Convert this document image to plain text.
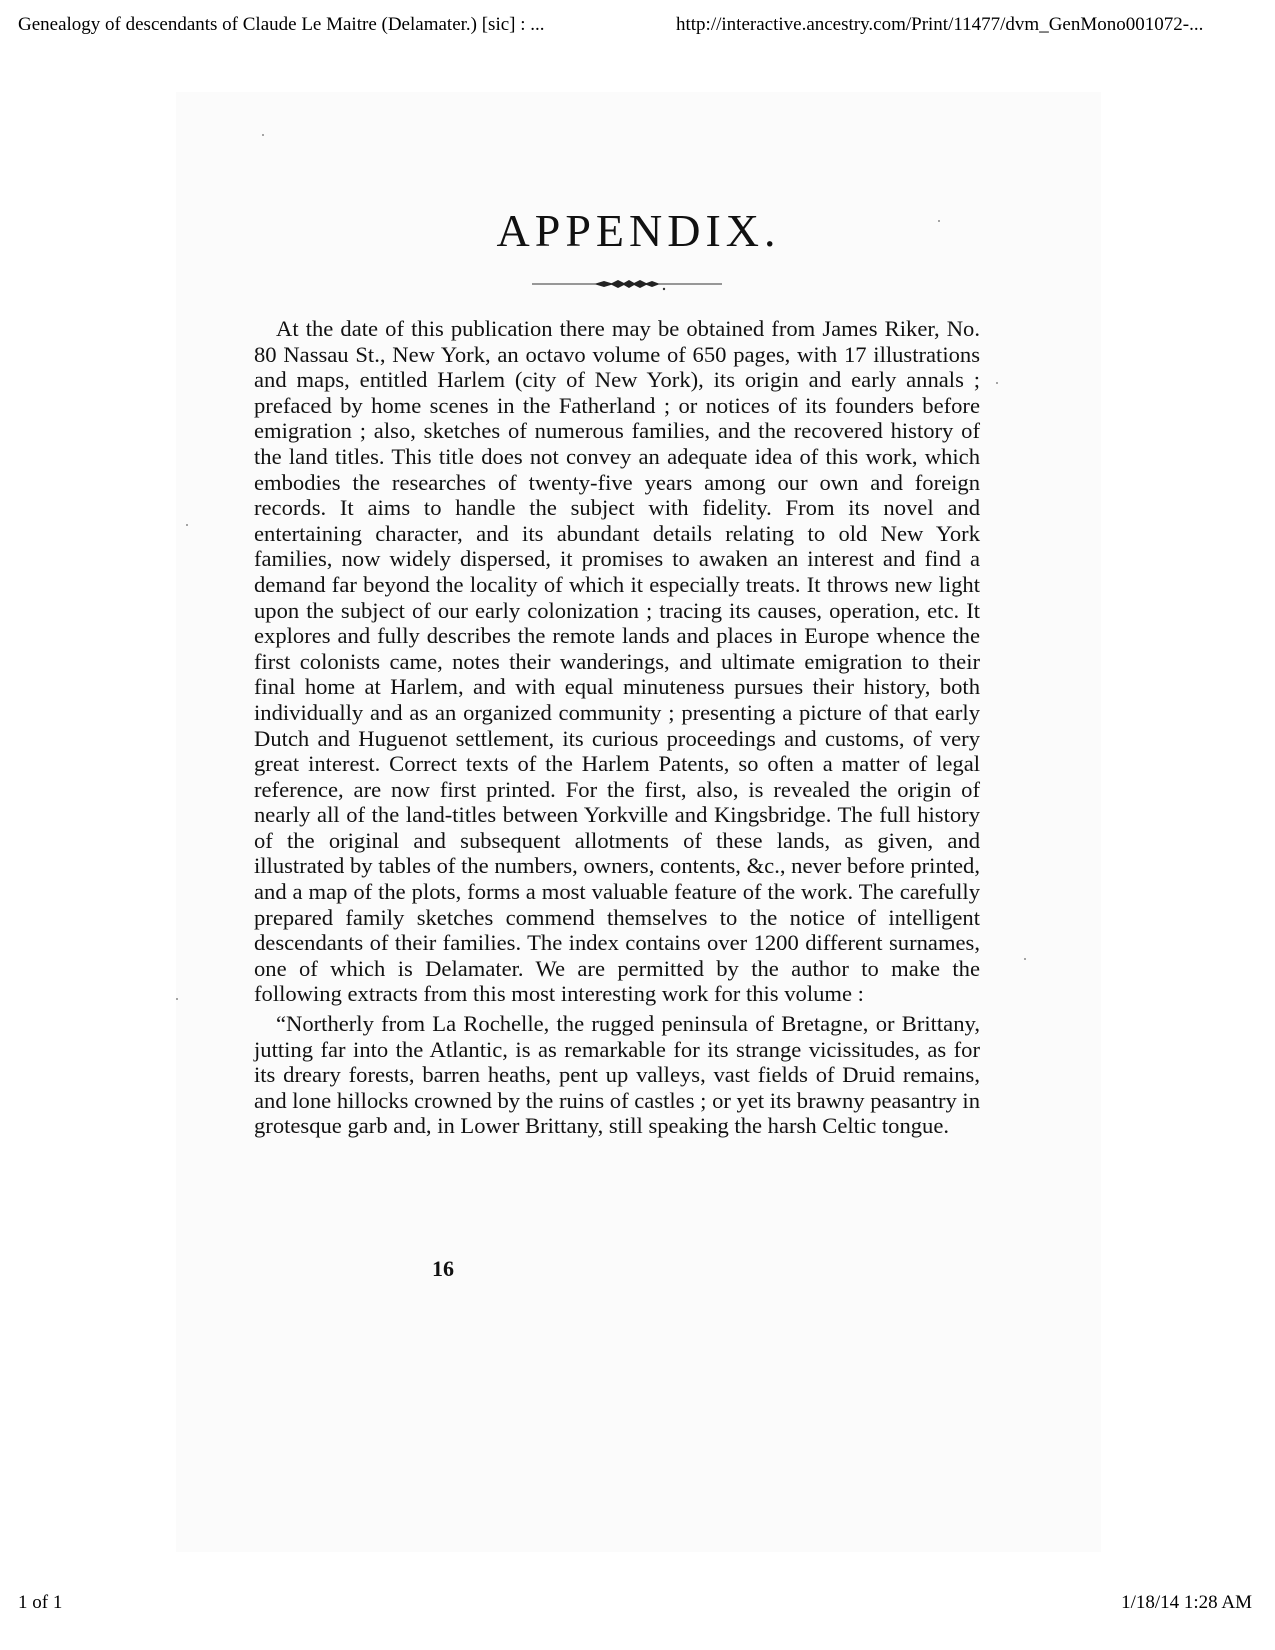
Genealogy of descendants of Claude Le Maitre (Delamater.) [sic] : ...	http://interactive.ancestry.com/Print/11477/dvm_GenMono001072-...
APPENDIX.

At the date of this publication there may be obtained from James Riker, No. 80 Nassau St., New York, an octavo volume of 650 pages, with 17 illustrations and maps, entitled Harlem (city of New York), its origin and early annals ; prefaced by home scenes in the Fatherland ; or notices of its founders before emigration ; also, sketches of numerous families, and the recovered history of the land titles. This title does not convey an adequate idea of this work, which embodies the researches of twenty-five years among our own and foreign records. It aims to handle the subject with fidelity. From its novel and entertaining character, and its abundant details relating to old New York families, now widely dispersed, it promises to awaken an interest and find a demand far beyond the locality of which it especially treats. It throws new light upon the subject of our early colonization ; tracing its causes, operation, etc. It explores and fully describes the remote lands and places in Europe whence the first colonists came, notes their wanderings, and ultimate emigration to their final home at Harlem, and with equal minuteness pursues their history, both individually and as an organized community ; presenting a picture of that early Dutch and Huguenot settlement, its curious proceedings and customs, of very great interest. Correct texts of the Harlem Patents, so often a matter of legal reference, are now first printed. For the first, also, is revealed the origin of nearly all of the land-titles between Yorkville and Kingsbridge. The full history of the original and subsequent allotments of these lands, as given, and illustrated by tables of the numbers, owners, contents, &c., never before printed, and a map of the plots, forms a most valuable feature of the work. The carefully prepared family sketches commend themselves to the notice of intelligent descendants of their families. The index contains over 1200 different surnames, one of which is Delamater. We are permitted by the author to make the following extracts from this most interesting work for this volume :

“Northerly from La Rochelle, the rugged peninsula of Bretagne, or Brittany, jutting far into the Atlantic, is as remarkable for its strange vicissitudes, as for its dreary forests, barren heaths, pent up valleys, vast fields of Druid remains, and lone hillocks crowned by the ruins of castles ; or yet its brawny peasantry in grotesque garb and, in Lower Brittany, still speaking the harsh Celtic tongue.

16
1 of 1	1/18/14 1:28 AM
